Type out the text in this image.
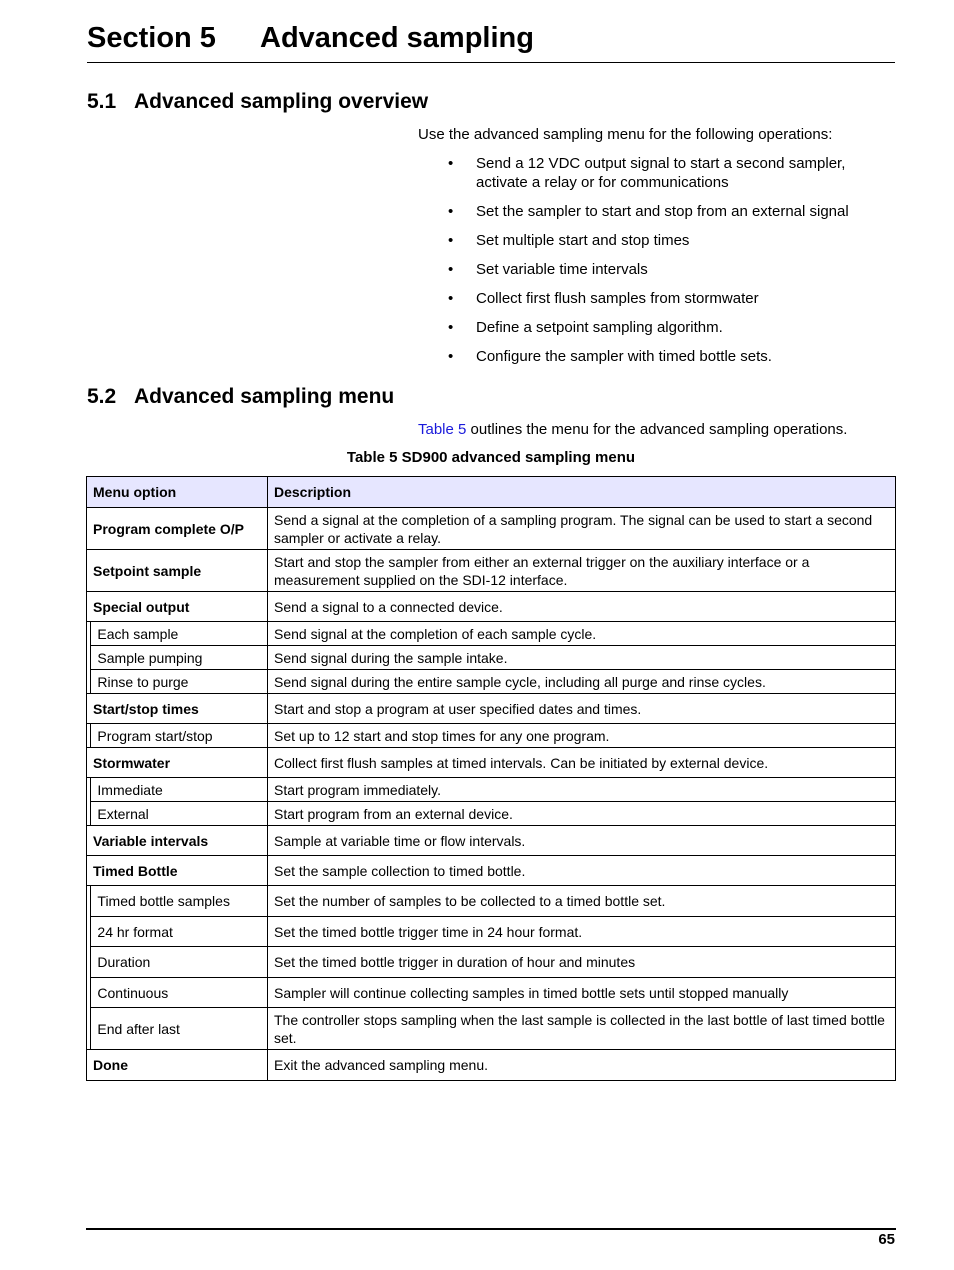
Section 5 Advanced sampling
5.1 Advanced sampling overview

Use the advanced sampling menu for the following operations:

• Send a 12 VDC output signal to start a second sampler, activate a relay or for communications
• Set the sampler to start and stop from an external signal
• Set multiple start and stop times
• Set variable time intervals
• Collect first flush samples from stormwater
• Define a setpoint sampling algorithm.
• Configure the sampler with timed bottle sets.
5.2 Advanced sampling menu

Table 5 outlines the menu for the advanced sampling operations.

Table 5 SD900 advanced sampling menu

Menu option		Description
Program complete O/P		Send a signal at the completion of a sampling program. The signal can be used to start a second sampler or activate a relay.
Setpoint sample		Start and stop the sampler from either an external trigger on the auxiliary interface or a measurement supplied on the SDI-12 interface.
Special output		Send a signal to a connected device.
	Each sample	Send signal at the completion of each sample cycle.
	Sample pumping	Send signal during the sample intake.
	Rinse to purge	Send signal during the entire sample cycle, including all purge and rinse cycles.
Start/stop times		Start and stop a program at user specified dates and times.
	Program start/stop	Set up to 12 start and stop times for any one program.
Stormwater		Collect first flush samples at timed intervals. Can be initiated by external device.
	Immediate	Start program immediately.
	External	Start program from an external device.
Variable intervals		Sample at variable time or flow intervals.
Timed Bottle		Set the sample collection to timed bottle.
	Timed bottle samples	Set the number of samples to be collected to a timed bottle set.
	24 hr format	Set the timed bottle trigger time in 24 hour format.
	Duration	Set the timed bottle trigger in duration of hour and minutes
	Continuous	Sampler will continue collecting samples in timed bottle sets until stopped manually
	End after last	The controller stops sampling when the last sample is collected in the last bottle of last timed bottle set.
Done		Exit the advanced sampling menu.
65
